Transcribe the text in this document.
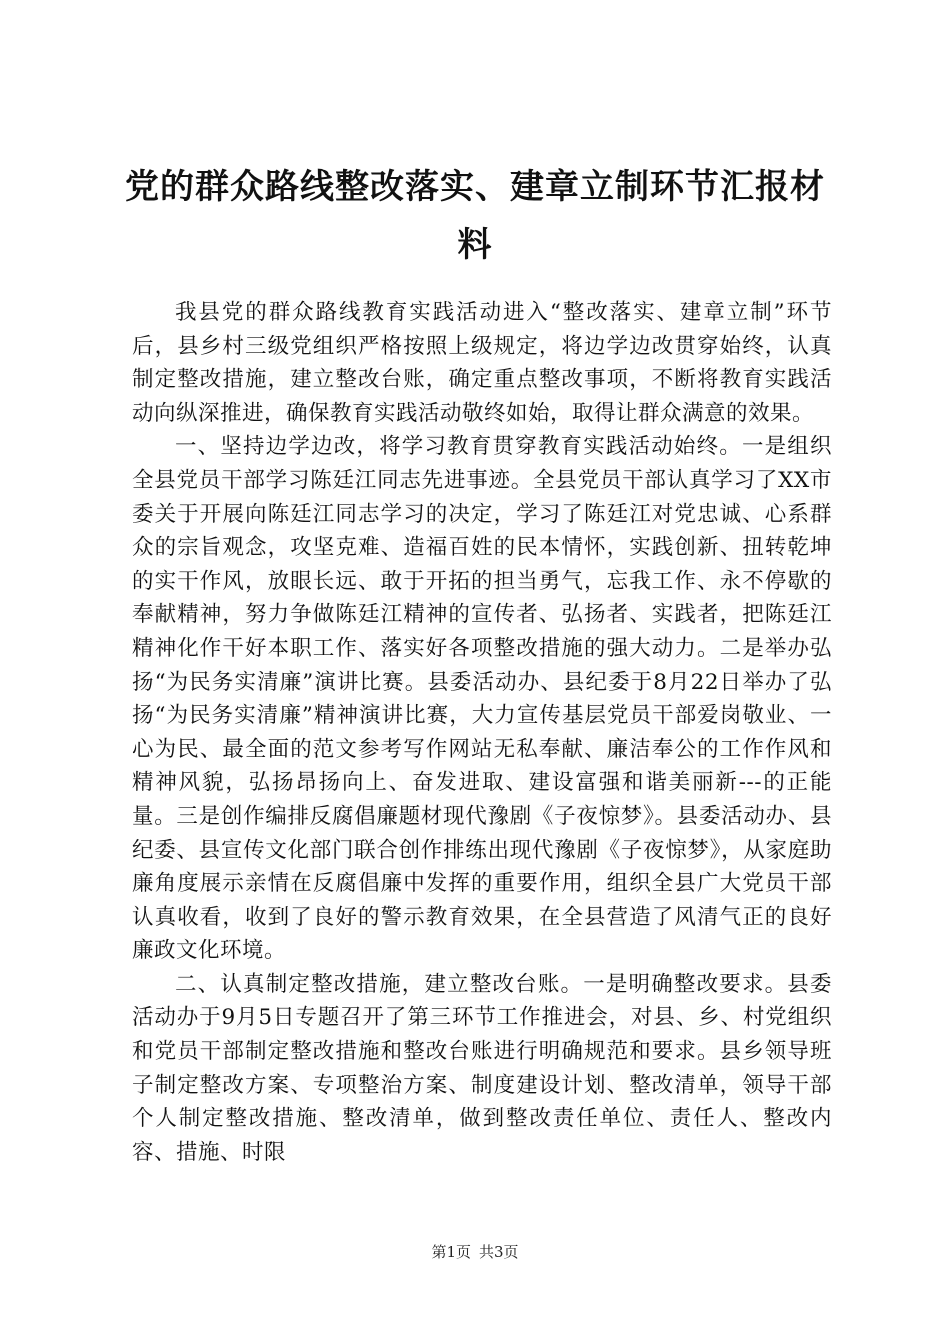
党的群众路线整改落实、建章立制环节汇报材料

我县党的群众路线教育实践活动进入“整改落实、建章立制”环节后，县乡村三级党组织严格按照上级规定，将边学边改贯穿始终，认真制定整改措施，建立整改台账，确定重点整改事项，不断将教育实践活动向纵深推进，确保教育实践活动敬终如始，取得让群众满意的效果。

一、坚持边学边改，将学习教育贯穿教育实践活动始终。一是组织全县党员干部学习陈廷江同志先进事迹。全县党员干部认真学习了XX市委关于开展向陈廷江同志学习的决定，学习了陈廷江对党忠诚、心系群众的宗旨观念，攻坚克难、造福百姓的民本情怀，实践创新、扭转乾坤的实干作风，放眼长远、敢于开拓的担当勇气，忘我工作、永不停歇的奉献精神，努力争做陈廷江精神的宣传者、弘扬者、实践者，把陈廷江精神化作干好本职工作、落实好各项整改措施的强大动力。二是举办弘扬“为民务实清廉”演讲比赛。县委活动办、县纪委于8月22日举办了弘扬“为民务实清廉”精神演讲比赛，大力宣传基层党员干部爱岗敬业、一心为民、最全面的范文参考写作网站无私奉献、廉洁奉公的工作作风和精神风貌，弘扬昂扬向上、奋发进取、建设富强和谐美丽新---的正能量。三是创作编排反腐倡廉题材现代豫剧《子夜惊梦》。县委活动办、县纪委、县宣传文化部门联合创作排练出现代豫剧《子夜惊梦》，从家庭助廉角度展示亲情在反腐倡廉中发挥的重要作用，组织全县广大党员干部认真收看，收到了良好的警示教育效果，在全县营造了风清气正的良好廉政文化环境。

二、认真制定整改措施，建立整改台账。一是明确整改要求。县委活动办于9月5日专题召开了第三环节工作推进会，对县、乡、村党组织和党员干部制定整改措施和整改台账进行明确规范和要求。县乡领导班子制定整改方案、专项整治方案、制度建设计划、整改清单，领导干部个人制定整改措施、整改清单，做到整改责任单位、责任人、整改内容、措施、时限

第1页 共3页
